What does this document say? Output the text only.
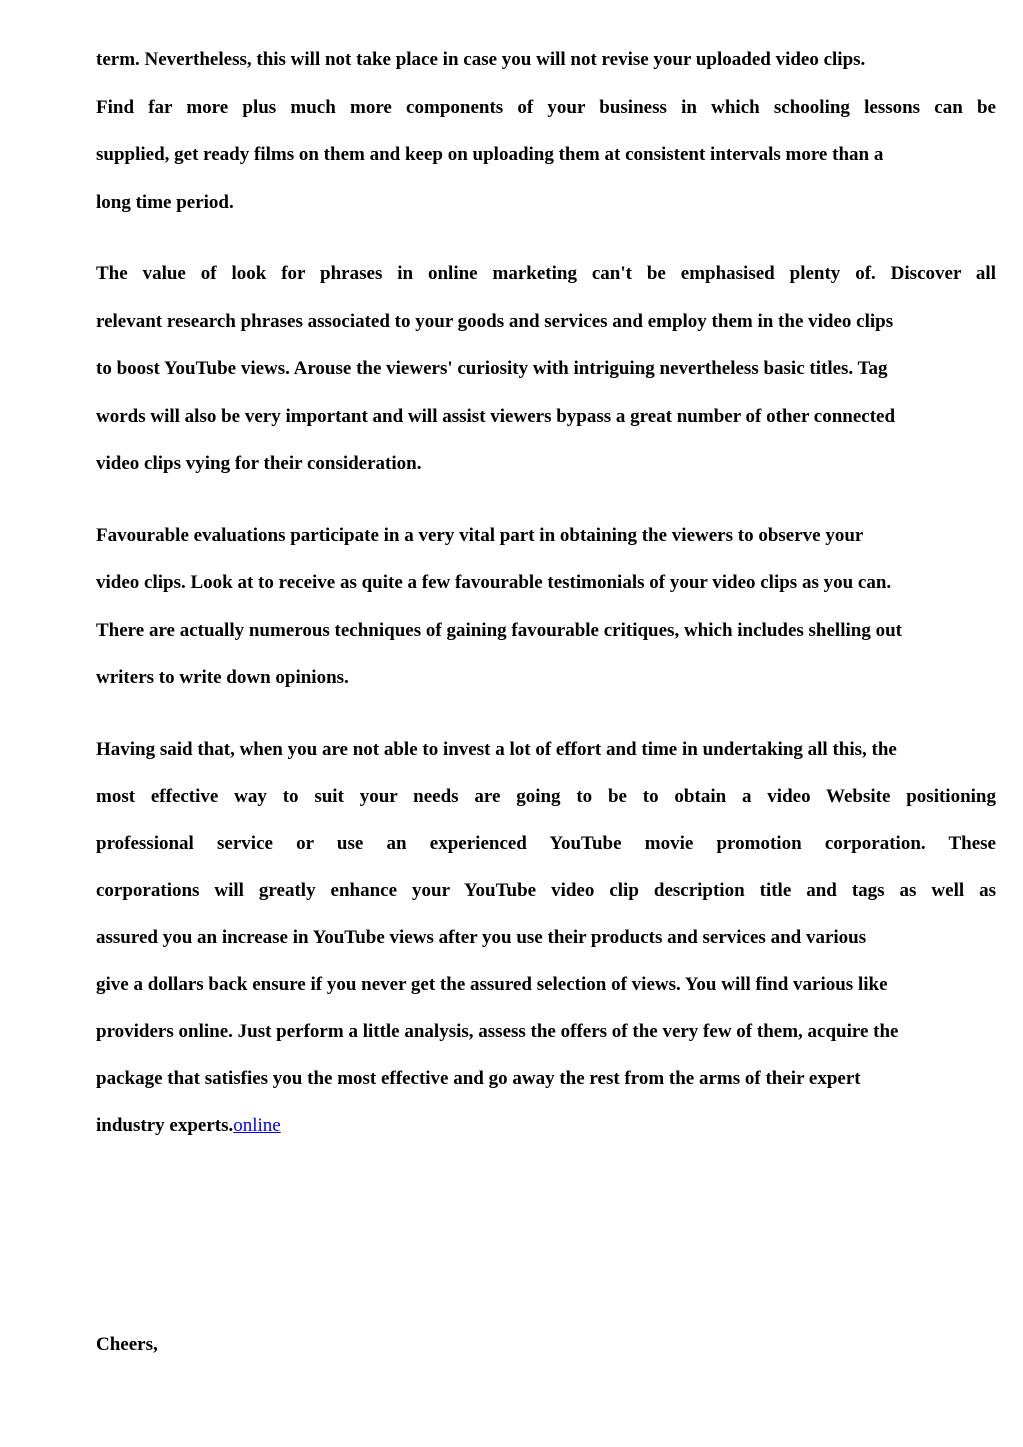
term. Nevertheless, this will not take place in case you will not revise your uploaded video clips.
Find far more plus much more components of your business in which schooling lessons can be
supplied, get ready films on them and keep on uploading them at consistent intervals more than a
long time period.
The value of look for phrases in online marketing can't be emphasised plenty of. Discover all
relevant research phrases associated to your goods and services and employ them in the video clips
to boost YouTube views. Arouse the viewers' curiosity with intriguing nevertheless basic titles. Tag
words will also be very important and will assist viewers bypass a great number of other connected
video clips vying for their consideration.
Favourable evaluations participate in a very vital part in obtaining the viewers to observe your
video clips. Look at to receive as quite a few favourable testimonials of your video clips as you can.
There are actually numerous techniques of gaining favourable critiques, which includes shelling out
writers to write down opinions.
Having said that, when you are not able to invest a lot of effort and time in undertaking all this, the
most effective way to suit your needs are going to be to obtain a video Website positioning
professional service or use an experienced YouTube movie promotion corporation. These
corporations will greatly enhance your YouTube video clip description title and tags as well as
assured you an increase in YouTube views after you use their products and services and various
give a dollars back ensure if you never get the assured selection of views. You will find various like
providers online. Just perform a little analysis, assess the offers of the very few of them, acquire the
package that satisfies you the most effective and go away the rest from the arms of their expert
industry experts.online
Cheers,
